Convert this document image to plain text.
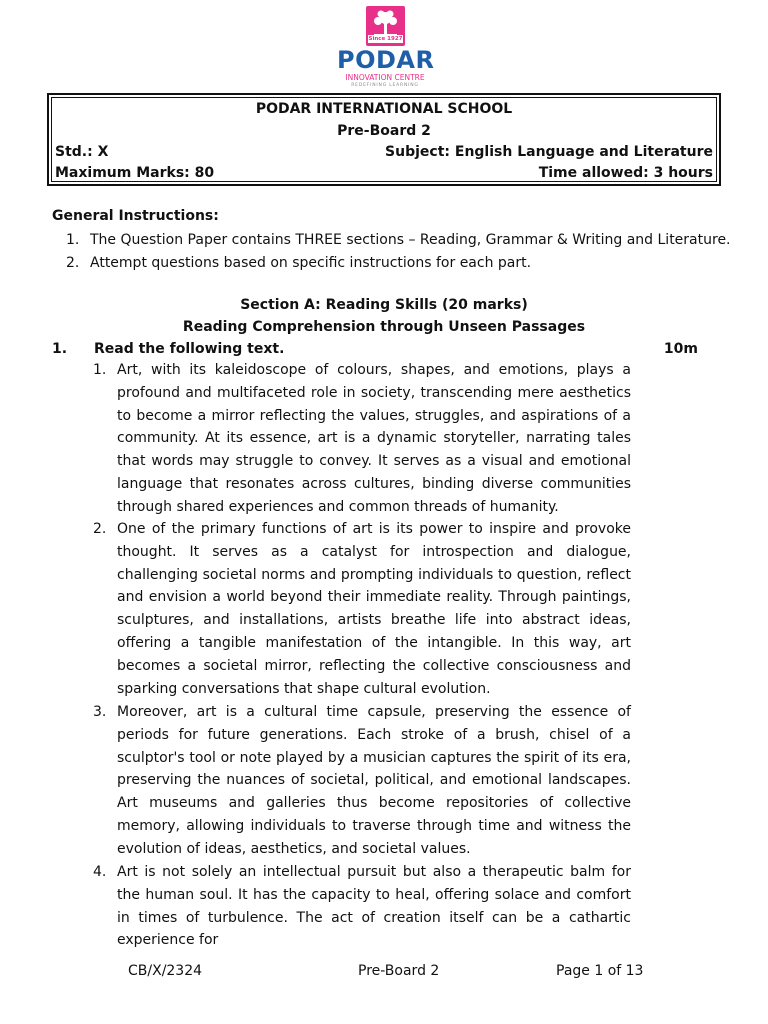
Since 1927
PODAR
INNOVATION CENTRE
REDEFINING LEARNING
PODAR INTERNATIONAL SCHOOL
Pre-Board 2
Std.: X	Subject: English Language and Literature
Maximum Marks: 80	Time allowed: 3 hours
General Instructions:
1. The Question Paper contains THREE sections – Reading, Grammar & Writing and Literature.
2. Attempt questions based on specific instructions for each part.
Section A: Reading Skills (20 marks)
Reading Comprehension through Unseen Passages
1. Read the following text.	10m
1. Art, with its kaleidoscope of colours, shapes, and emotions, plays a profound and multifaceted role in society, transcending mere aesthetics to become a mirror reflecting the values, struggles, and aspirations of a community. At its essence, art is a dynamic storyteller, narrating tales that words may struggle to convey. It serves as a visual and emotional language that resonates across cultures, binding diverse communities through shared experiences and common threads of humanity.
2. One of the primary functions of art is its power to inspire and provoke thought. It serves as a catalyst for introspection and dialogue, challenging societal norms and prompting individuals to question, reflect and envision a world beyond their immediate reality. Through paintings, sculptures, and installations, artists breathe life into abstract ideas, offering a tangible manifestation of the intangible. In this way, art becomes a societal mirror, reflecting the collective consciousness and sparking conversations that shape cultural evolution.
3. Moreover, art is a cultural time capsule, preserving the essence of periods for future generations. Each stroke of a brush, chisel of a sculptor's tool or note played by a musician captures the spirit of its era, preserving the nuances of societal, political, and emotional landscapes. Art museums and galleries thus become repositories of collective memory, allowing individuals to traverse through time and witness the evolution of ideas, aesthetics, and societal values.
4. Art is not solely an intellectual pursuit but also a therapeutic balm for the human soul. It has the capacity to heal, offering solace and comfort in times of turbulence. The act of creation itself can be a cathartic experience for
CB/X/2324	Pre-Board 2	Page 1 of 13
